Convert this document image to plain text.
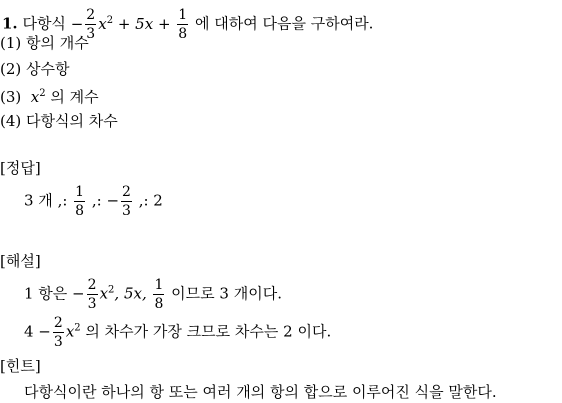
1. 다항식 − $\frac{2}{3} x^2 + 5x + \frac{1}{8}$ 에 대하여 다음을 구하여라.
(1) 항의 개수
(2) 상수항
(3) $x^2$ 의 계수
(4) 다항식의 차수
[정답]
3 개 ,: $\frac{1}{8}$ ,: − $\frac{2}{3}$ ,: 2
[해설]
1 항은 − $\frac{2}{3} x^2$, 5x, $\frac{1}{8}$ 이므로 3 개이다.
$4 - \frac{2}{3} x^2$ 의 차수가 가장 크므로 차수는 2 이다.
[힌트]
다항식이란 하나의 항 또는 여러 개의 항의 합으로 이루어진 식을 말한다.
